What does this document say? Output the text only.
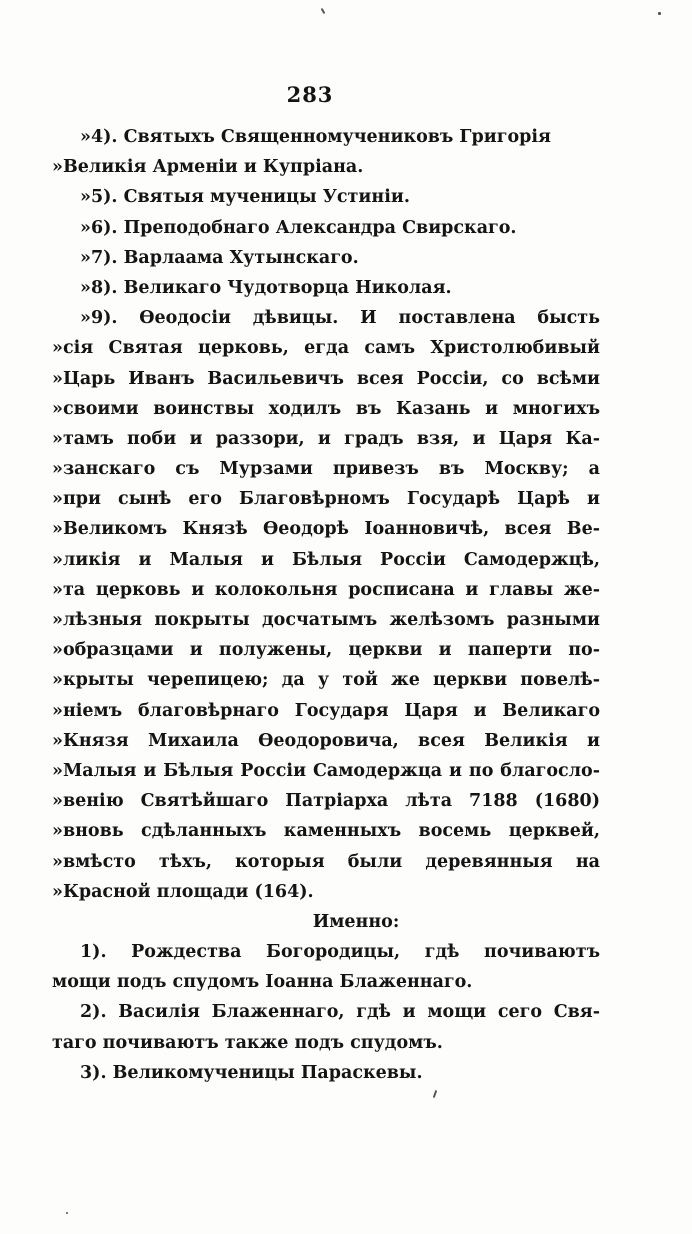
283
»4). Святыхъ Священномучениковъ Григорія
»Великія Арменіи и Купріана.
»5). Святыя мученицы Устиніи.
»6). Преподобнаго Александра Свирскаго.
»7). Варлаама Хутынскаго.
»8). Великаго Чудотворца Николая.
»9). Ѳеодосіи дѣвицы. И поставлена бысть
»сія Святая церковь, егда самъ Христолюбивый
»Царь Иванъ Васильевичъ всея Россіи, со всѣми
»своими воинствы ходилъ въ Казань и многихъ
»тамъ поби и раззори, и градъ взя, и Царя Ка-
»занскаго съ Мурзами привезъ въ Москву; а
»при сынѣ его Благовѣрномъ Государѣ Царѣ и
»Великомъ Князѣ Ѳеодорѣ Іоанновичѣ, всея Ве-
»ликія и Малыя и Бѣлыя Россіи Самодержцѣ,
»та церковь и колокольня росписана и главы же-
»лѣзныя покрыты досчатымъ желѣзомъ разными
»образцами и полужены, церкви и паперти по-
»крыты черепицею; да у той же церкви повелѣ-
»ніемъ благовѣрнаго Государя Царя и Великаго
»Князя Михаила Ѳеодоровича, всея Великія и
»Малыя и Бѣлыя Россіи Самодержца и по благосло-
»венію Святѣйшаго Патріарха лѣта 7188 (1680)
»вновь сдѣланныхъ каменныхъ восемь церквей,
»вмѣсто тѣхъ, которыя были деревянныя на
»Красной площади (164).
Именно:
1). Рождества Богородицы, гдѣ почиваютъ
мощи подъ спудомъ Іоанна Блаженнаго.
2). Василія Блаженнаго, гдѣ и мощи сего Свя-
таго почиваютъ также подъ спудомъ.
3). Великомученицы Параскевы.
